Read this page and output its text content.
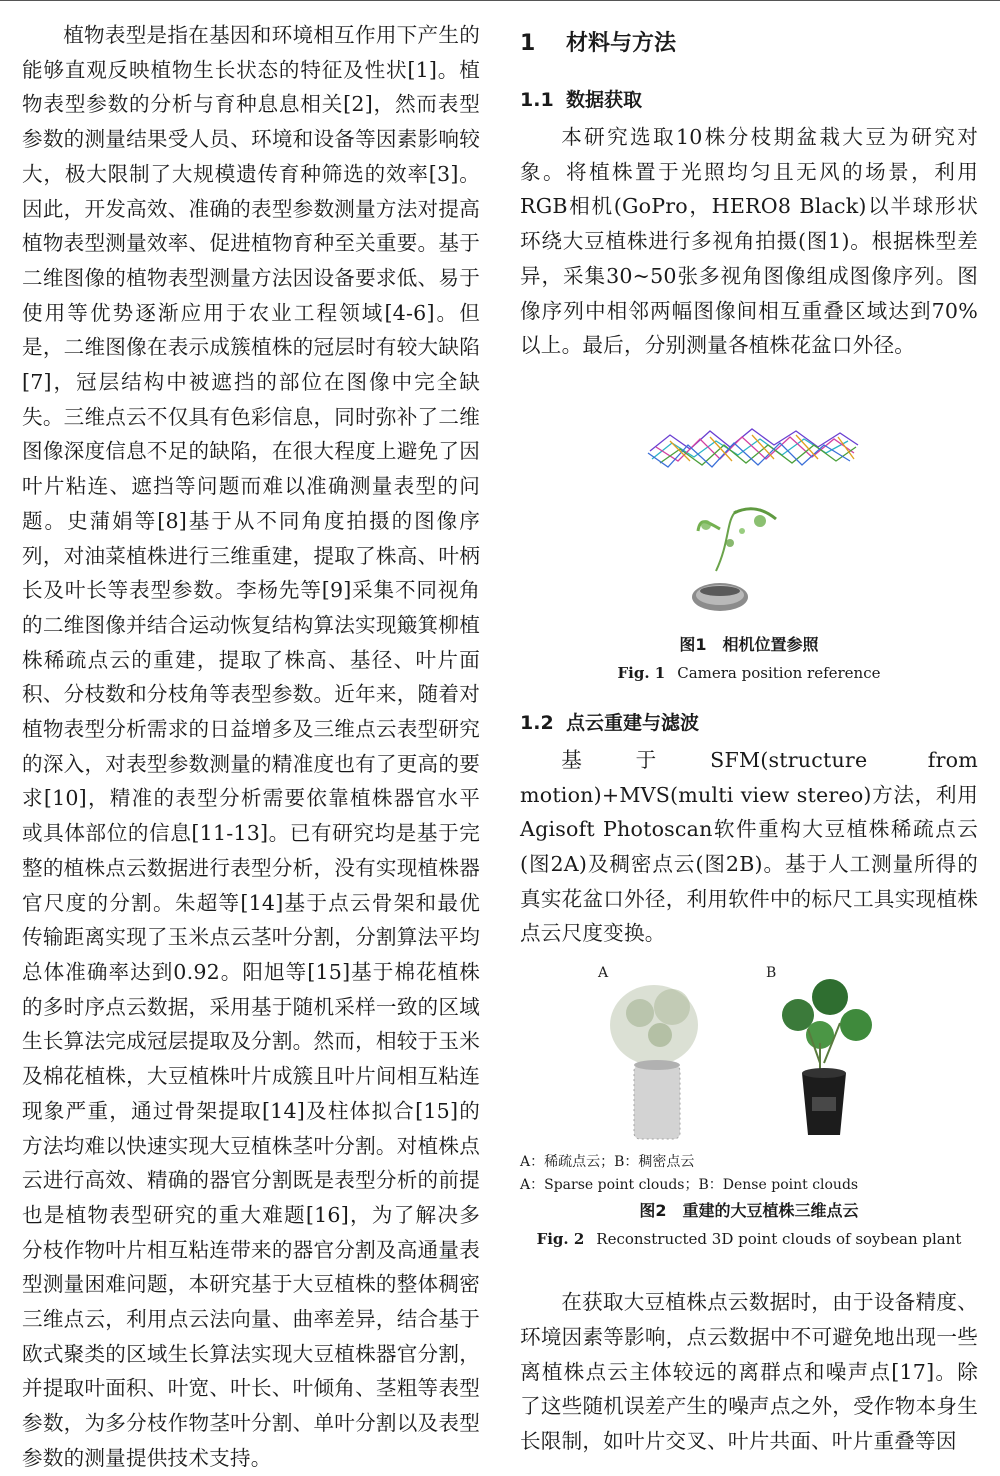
植物表型是指在基因和环境相互作用下产生的能够直观反映植物生长状态的特征及性状[1]。植物表型参数的分析与育种息息相关[2]，然而表型参数的测量结果受人员、环境和设备等因素影响较大，极大限制了大规模遗传育种筛选的效率[3]。因此，开发高效、准确的表型参数测量方法对提高植物表型测量效率、促进植物育种至关重要。基于二维图像的植物表型测量方法因设备要求低、易于使用等优势逐渐应用于农业工程领域[4-6]。但是，二维图像在表示成簇植株的冠层时有较大缺陷[7]，冠层结构中被遮挡的部位在图像中完全缺失。三维点云不仅具有色彩信息，同时弥补了二维图像深度信息不足的缺陷，在很大程度上避免了因叶片粘连、遮挡等问题而难以准确测量表型的问题。史蒲娟等[8]基于从不同角度拍摄的图像序列，对油菜植株进行三维重建，提取了株高、叶柄长及叶长等表型参数。李杨先等[9]采集不同视角的二维图像并结合运动恢复结构算法实现簸箕柳植株稀疏点云的重建，提取了株高、基径、叶片面积、分枝数和分枝角等表型参数。近年来，随着对植物表型分析需求的日益增多及三维点云表型研究的深入，对表型参数测量的精准度也有了更高的要求[10]，精准的表型分析需要依靠植株器官水平或具体部位的信息[11-13]。已有研究均是基于完整的植株点云数据进行表型分析，没有实现植株器官尺度的分割。朱超等[14]基于点云骨架和最优传输距离实现了玉米点云茎叶分割，分割算法平均总体准确率达到0.92。阳旭等[15]基于棉花植株的多时序点云数据，采用基于随机采样一致的区域生长算法完成冠层提取及分割。然而，相较于玉米及棉花植株，大豆植株叶片成簇且叶片间相互粘连现象严重，通过骨架提取[14]及柱体拟合[15]的方法均难以快速实现大豆植株茎叶分割。对植株点云进行高效、精确的器官分割既是表型分析的前提也是植物表型研究的重大难题[16]，为了解决多分枝作物叶片相互粘连带来的器官分割及高通量表型测量困难问题，本研究基于大豆植株的整体稠密三维点云，利用点云法向量、曲率差异，结合基于欧式聚类的区域生长算法实现大豆植株器官分割，并提取叶面积、叶宽、叶长、叶倾角、茎粗等表型参数，为多分枝作物茎叶分割、单叶分割以及表型参数的测量提供技术支持。

1 材料与方法
1.1 数据获取

本研究选取10株分枝期盆栽大豆为研究对象。将植株置于光照均匀且无风的场景，利用RGB相机(GoPro，HERO8 Black)以半球形状环绕大豆植株进行多视角拍摄(图1)。根据株型差异，采集30~50张多视角图像组成图像序列。图像序列中相邻两幅图像间相互重叠区域达到70%以上。最后，分别测量各植株花盆口外径。

图1　相机位置参照

Fig. 1 Camera position reference

1.2 点云重建与滤波

基于SFM(structure from motion)+MVS(multi view stereo)方法，利用Agisoft Photoscan软件重构大豆植株稀疏点云(图2A)及稠密点云(图2B)。基于人工测量所得的真实花盆口外径，利用软件中的标尺工具实现植株点云尺度变换。

A	B

A：稀疏点云；B：稠密点云

A：Sparse point clouds；B：Dense point clouds

图2　重建的大豆植株三维点云

Fig. 2 Reconstructed 3D point clouds of soybean plant

在获取大豆植株点云数据时，由于设备精度、环境因素等影响，点云数据中不可避免地出现一些离植株点云主体较远的离群点和噪声点[17]。除了这些随机误差产生的噪声点之外，受作物本身生长限制，如叶片交叉、叶片共面、叶片重叠等因
